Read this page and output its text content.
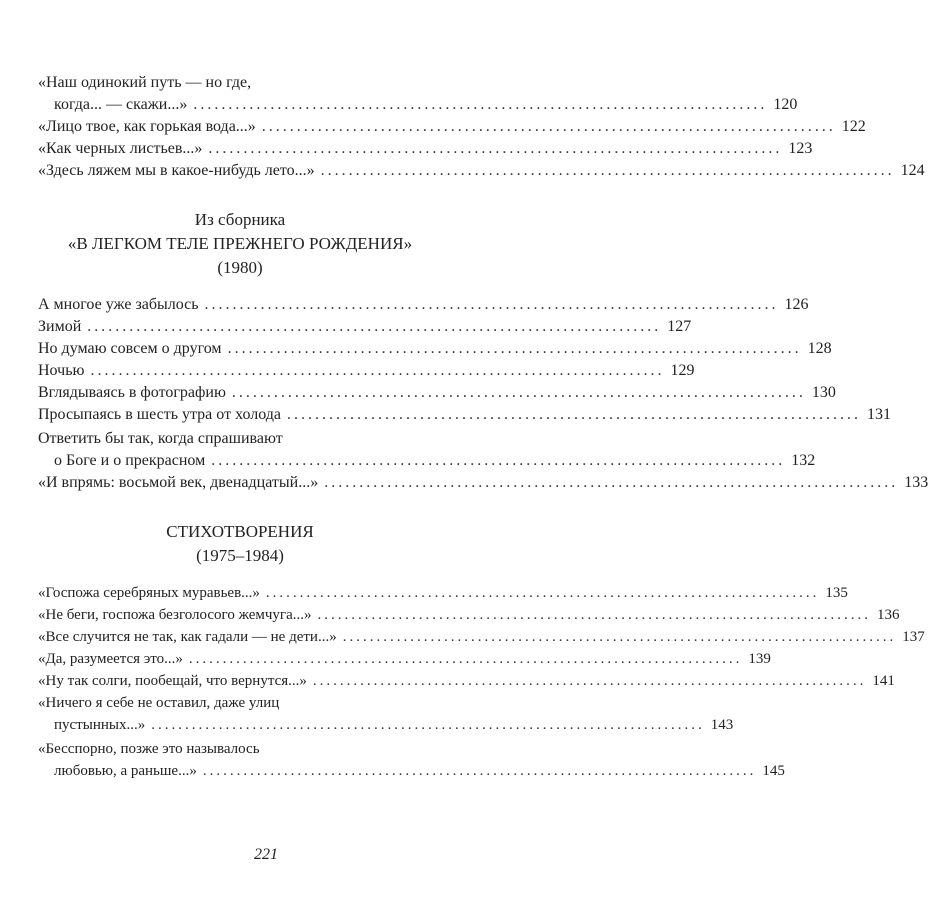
«Наш одинокий путь — но где,
когда... — скажи...» .................................................................................. 120
«Лицо твое, как горькая вода...» .................................................................................. 122
«Как черных листьев...» .................................................................................. 123
«Здесь ляжем мы в какое-нибудь лето...» .................................................................................. 124
Из сборника
«В ЛЕГКОМ ТЕЛЕ ПРЕЖНЕГО РОЖДЕНИЯ»
(1980)
А многое уже забылось .................................................................................. 126
Зимой .................................................................................. 127
Но думаю совсем о другом .................................................................................. 128
Ночью .................................................................................. 129
Вглядываясь в фотографию .................................................................................. 130
Просыпаясь в шесть утра от холода .................................................................................. 131
Ответить бы так, когда спрашивают
о Боге и о прекрасном .................................................................................. 132
«И впрямь: восьмой век, двенадцатый...» .................................................................................. 133
СТИХОТВОРЕНИЯ
(1975–1984)
«Госпожа серебряных муравьев...» .................................................................................. 135
«Не беги, госпожа безголосого жемчуга...» .................................................................................. 136
«Все случится не так, как гадали — не дети...» .................................................................................. 137
«Да, разумеется это...» .................................................................................. 139
«Ну так солги, пообещай, что вернутся...» .................................................................................. 141
«Ничего я себе не оставил, даже улиц
пустынных...» .................................................................................. 143
«Бесспорно, позже это называлось
любовью, а раньше...» .................................................................................. 145
221
